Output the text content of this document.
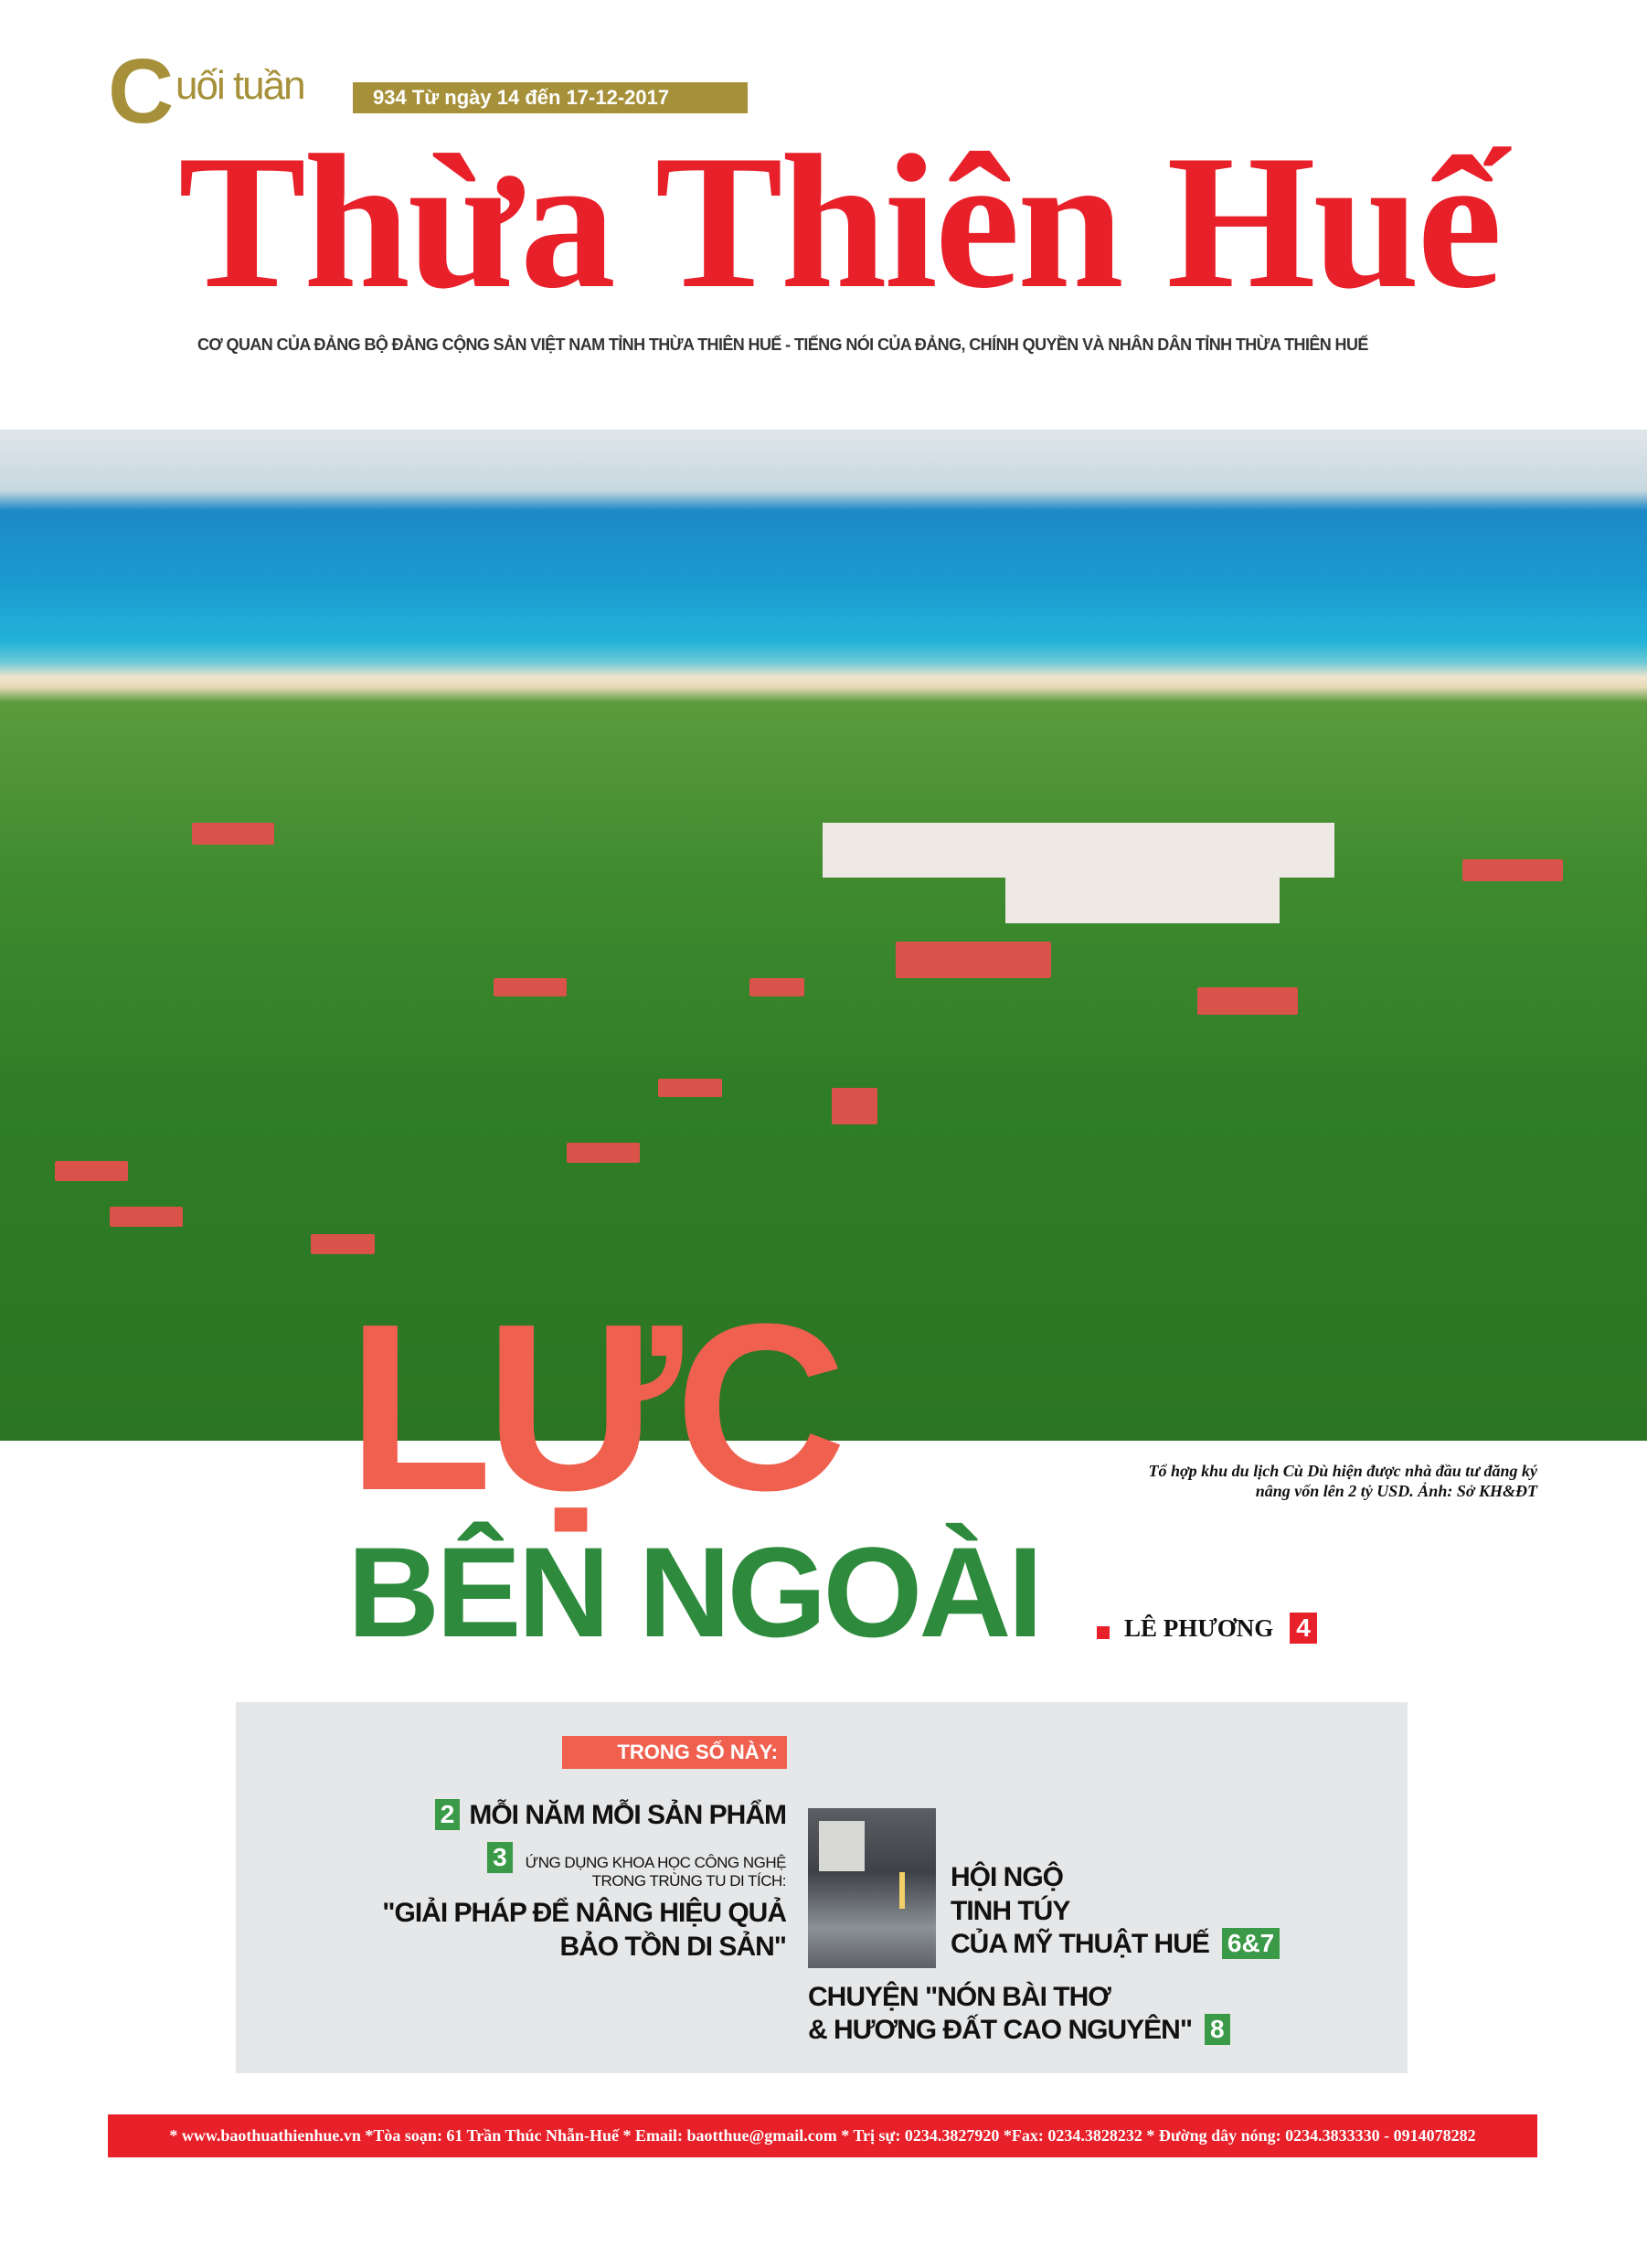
C uối tuần	934 Từ ngày 14 đến 17-12-2017
Thừa Thiên Huế
CƠ QUAN CỦA ĐẢNG BỘ ĐẢNG CỘNG SẢN VIỆT NAM TỈNH THỪA THIÊN HUẾ - TIẾNG NÓI CỦA ĐẢNG, CHÍNH QUYỀN VÀ NHÂN DÂN TỈNH THỪA THIÊN HUẾ
LỰC	Tổ hợp khu du lịch Cù Dù hiện được nhà đầu tư đăng ký
nâng vốn lên 2 tỷ USD. Ảnh: Sở KH&ĐT
BÊN NGOÀI	LÊ PHƯƠNG 4
TRONG SỐ NÀY:
2 MỖI NĂM MỖI SẢN PHẨM
3	ỨNG DỤNG KHOA HỌC CÔNG NGHỆ
TRONG TRÙNG TU DI TÍCH:
"GIẢI PHÁP ĐỂ NÂNG HIỆU QUẢ
BẢO TỒN DI SẢN"
HỘI NGỘ
TINH TÚY
CỦA MỸ THUẬT HUẾ 6&7
CHUYỆN "NÓN BÀI THƠ
& HƯƠNG ĐẤT CAO NGUYÊN" 8
* www.baothuathienhue.vn *Tòa soạn: 61 Trần Thúc Nhẫn-Huế * Email: baotthue@gmail.com * Trị sự: 0234.3827920 *Fax: 0234.3828232 * Đường dây nóng: 0234.3833330 - 0914078282
